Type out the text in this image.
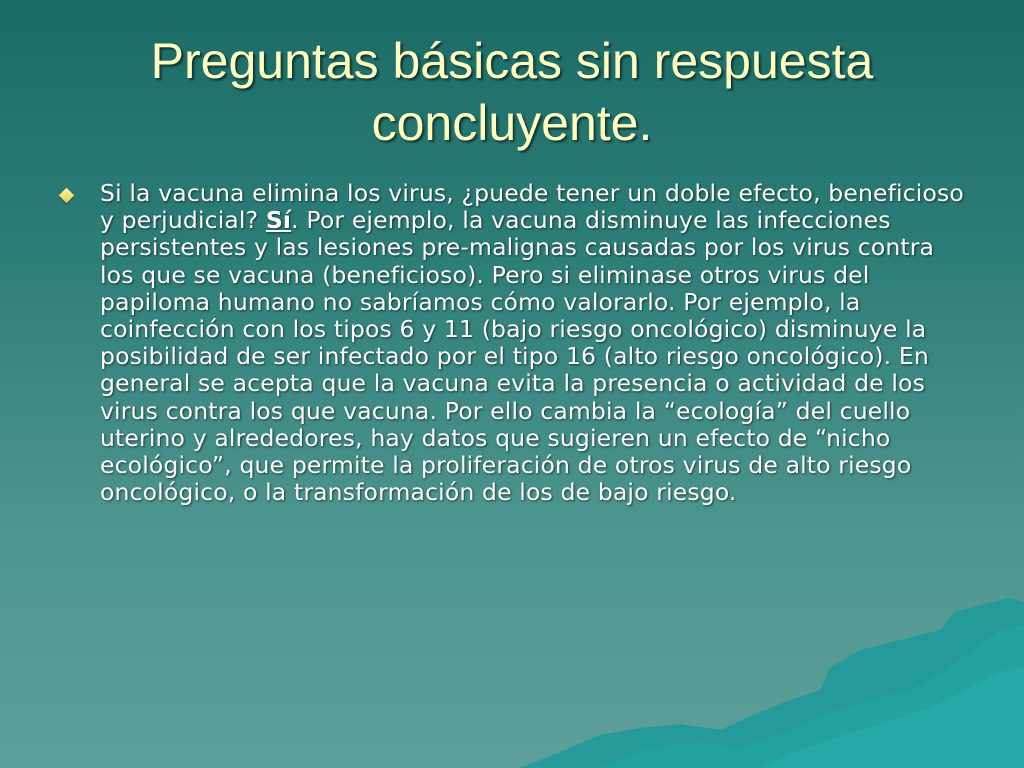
Preguntas básicas sin respuesta concluyente.
Si la vacuna elimina los virus, ¿puede tener un doble efecto, beneficioso y perjudicial? Sí. Por ejemplo, la vacuna disminuye las infecciones persistentes y las lesiones pre-malignas causadas por los virus contra los que se vacuna (beneficioso). Pero si eliminase otros virus del papiloma humano no sabríamos cómo valorarlo. Por ejemplo, la coinfección con los tipos 6 y 11 (bajo riesgo oncológico) disminuye la posibilidad de ser infectado por el tipo 16 (alto riesgo oncológico). En general se acepta que la vacuna evita la presencia o actividad de los virus contra los que vacuna. Por ello cambia la “ecología” del cuello uterino y alrededores, hay datos que sugieren un efecto de “nicho ecológico”, que permite la proliferación de otros virus de alto riesgo oncológico, o la transformación de los de bajo riesgo.
